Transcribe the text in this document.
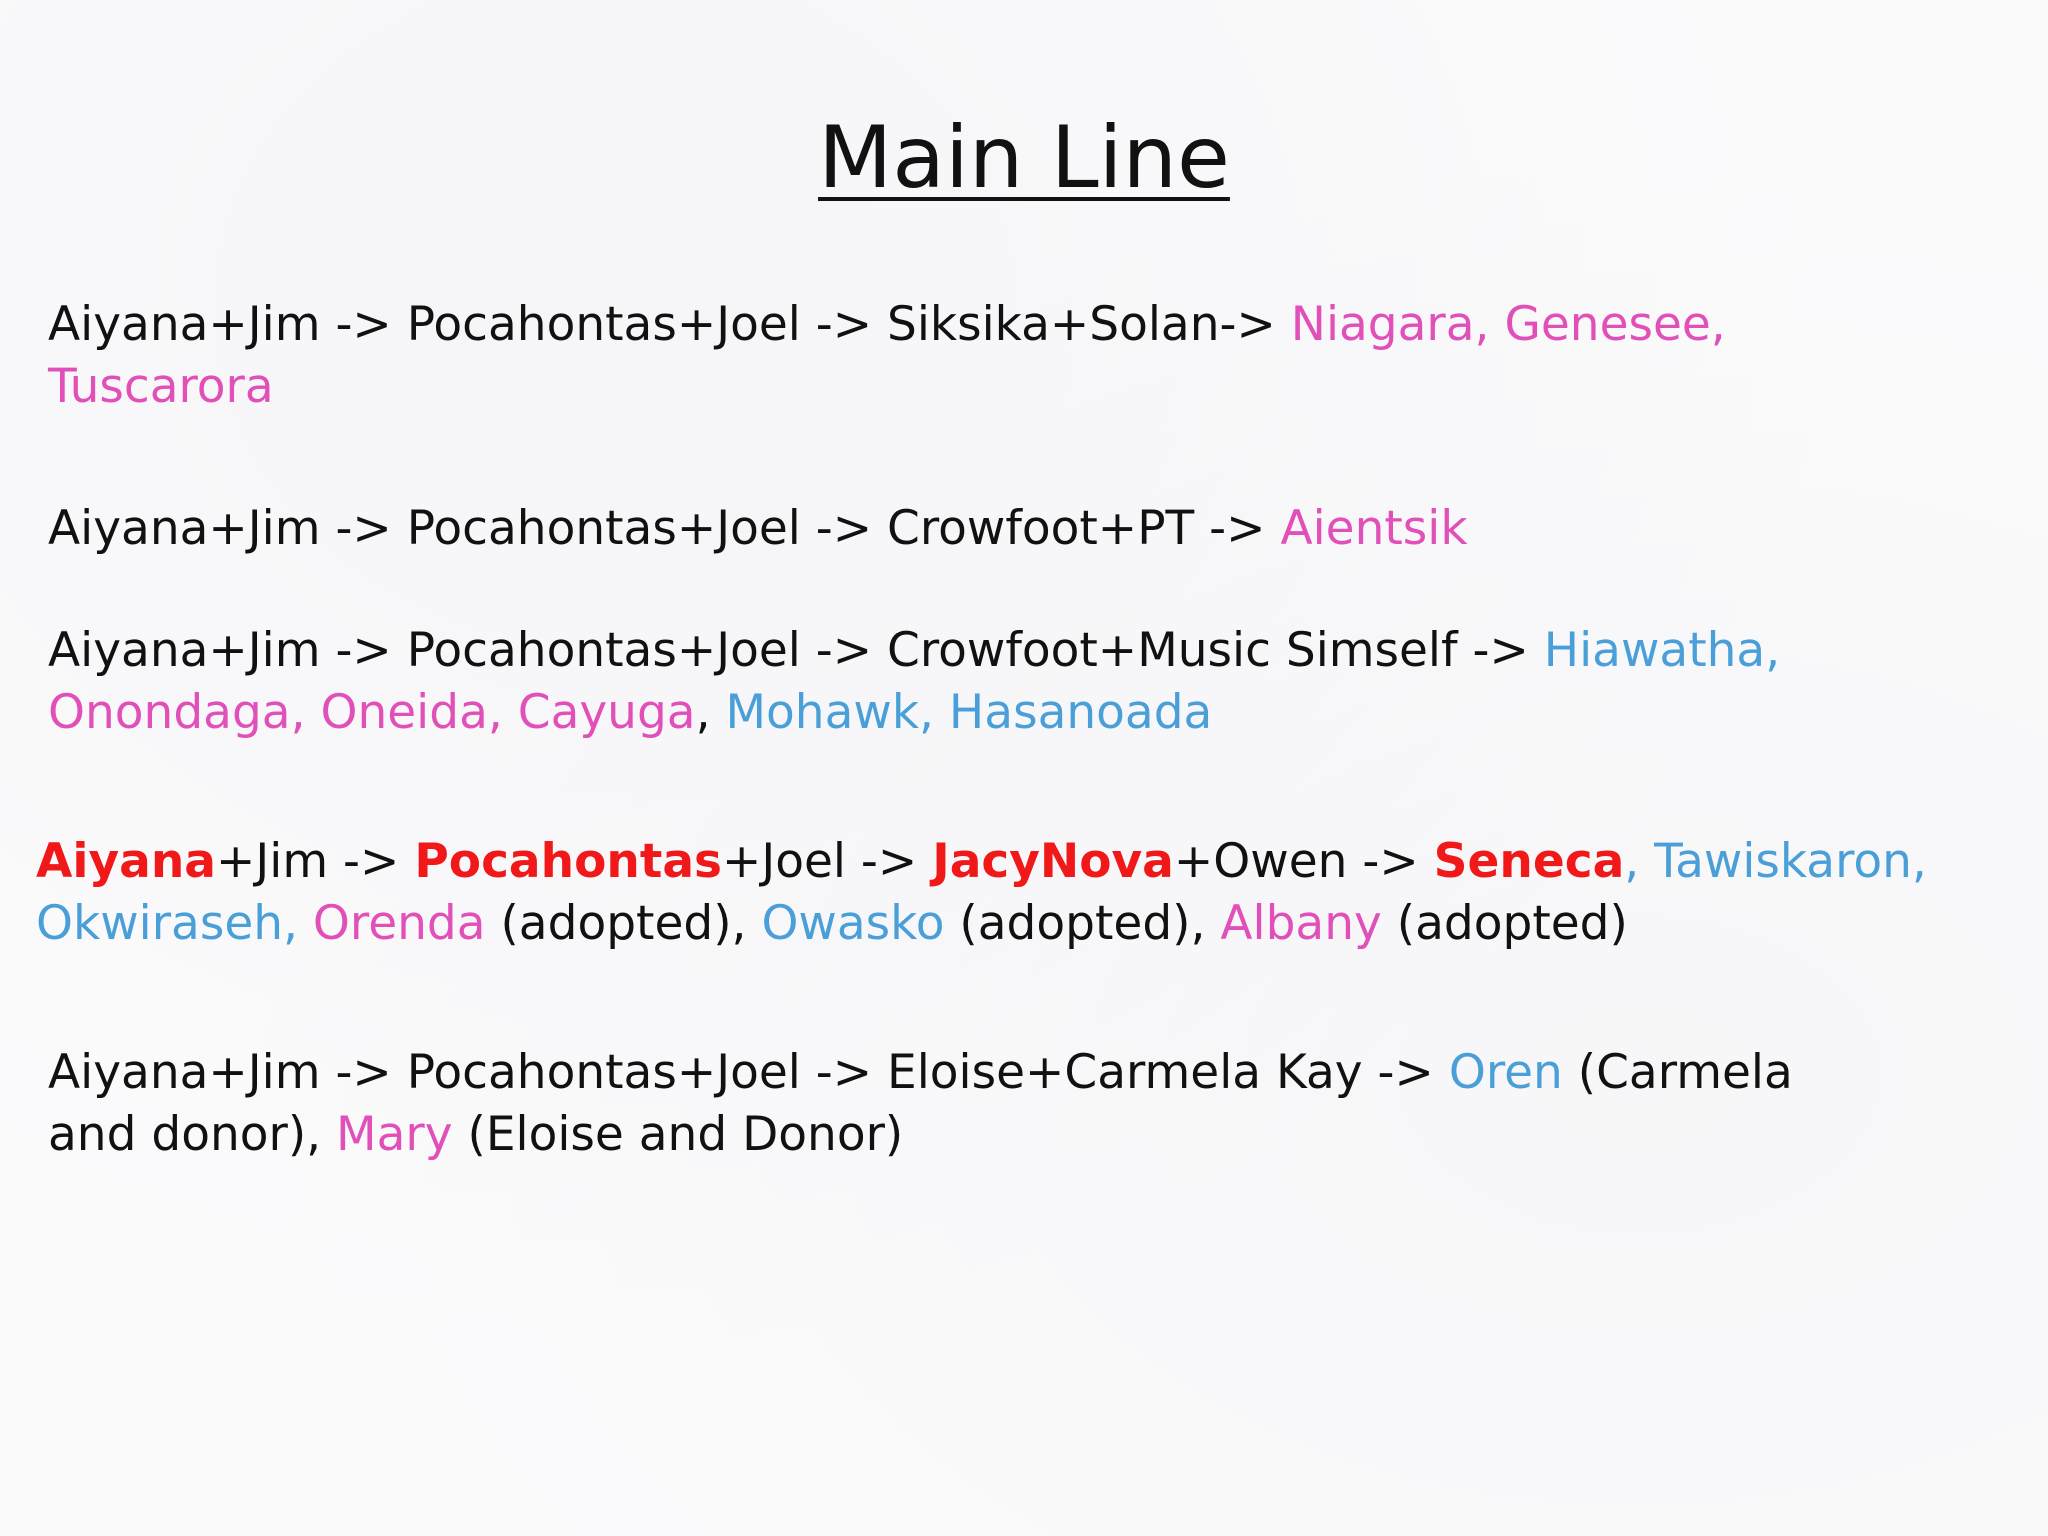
Main Line

Aiyana+Jim -> Pocahontas+Joel -> Siksika+Solan-> Niagara, Genesee,
Tuscarora

Aiyana+Jim -> Pocahontas+Joel -> Crowfoot+PT -> Aientsik

Aiyana+Jim -> Pocahontas+Joel -> Crowfoot+Music Simself -> Hiawatha,
Onondaga, Oneida, Cayuga, Mohawk, Hasanoada

Aiyana+Jim -> Pocahontas+Joel -> JacyNova+Owen -> Seneca, Tawiskaron,
Okwiraseh, Orenda (adopted), Owasko (adopted), Albany (adopted)

Aiyana+Jim -> Pocahontas+Joel -> Eloise+Carmela Kay -> Oren (Carmela
and donor), Mary (Eloise and Donor)
